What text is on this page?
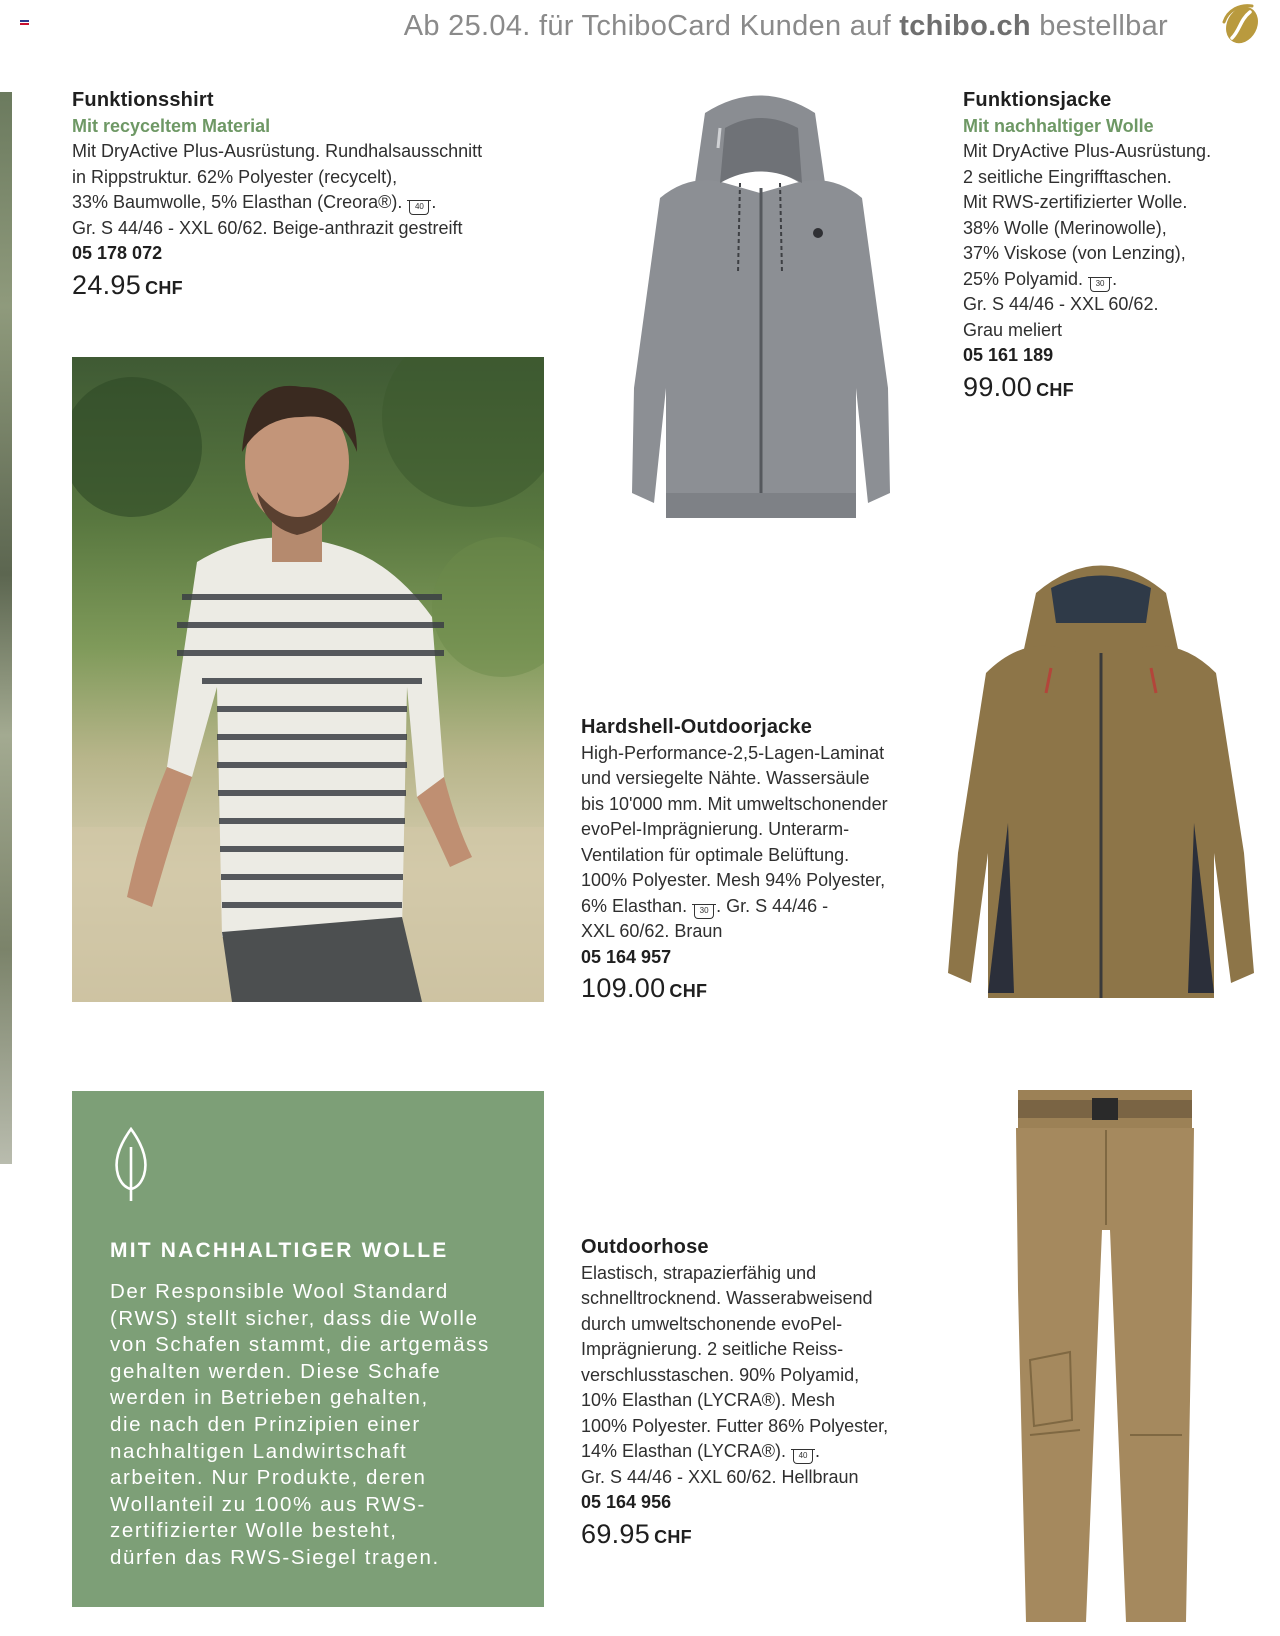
Ab 25.04. für TchiboCard Kunden auf tchibo.ch bestellbar
Funktionsshirt
Mit recyceltem Material
Mit DryActive Plus-Ausrüstung. Rundhalsausschnitt
in Rippstruktur. 62% Polyester (recycelt),
33% Baumwolle, 5% Elasthan (Creora®). 40 .
Gr. S 44/46 - XXL 60/62. Beige-anthrazit gestreift
05 178 072
24.95 CHF
Funktionsjacke
Mit nachhaltiger Wolle
Mit DryActive Plus-Ausrüstung.
2 seitliche Eingrifftaschen.
Mit RWS-zertifizierter Wolle.
38% Wolle (Merinowolle),
37% Viskose (von Lenzing),
25% Polyamid. 30 .
Gr. S 44/46 - XXL 60/62.
Grau meliert
05 161 189
99.00 CHF
Hardshell-Outdoorjacke
High-Performance-2,5-Lagen-Laminat
und versiegelte Nähte. Wassersäule
bis 10'000 mm. Mit umweltschonender
evoPel-Imprägnierung. Unterarm-
Ventilation für optimale Belüftung.
100% Polyester. Mesh 94% Polyester,
6% Elasthan. 30 . Gr. S 44/46 -
XXL 60/62. Braun
05 164 957
109.00 CHF
MIT NACHHALTIGER WOLLE
Der Responsible Wool Standard
(RWS) stellt sicher, dass die Wolle
von Schafen stammt, die artgemäss
gehalten werden. Diese Schafe
werden in Betrieben gehalten,
die nach den Prinzipien einer
nachhaltigen Landwirtschaft
arbeiten. Nur Produkte, deren
Wollanteil zu 100% aus RWS-
zertifizierter Wolle besteht,
dürfen das RWS-Siegel tragen.
Outdoorhose
Elastisch, strapazierfähig und
schnelltrocknend. Wasserabweisend
durch umweltschonende evoPel-
Imprägnierung. 2 seitliche Reiss-
verschlusstaschen. 90% Polyamid,
10% Elasthan (LYCRA®). Mesh
100% Polyester. Futter 86% Polyester,
14% Elasthan (LYCRA®). 40 .
Gr. S 44/46 - XXL 60/62. Hellbraun
05 164 956
69.95 CHF
